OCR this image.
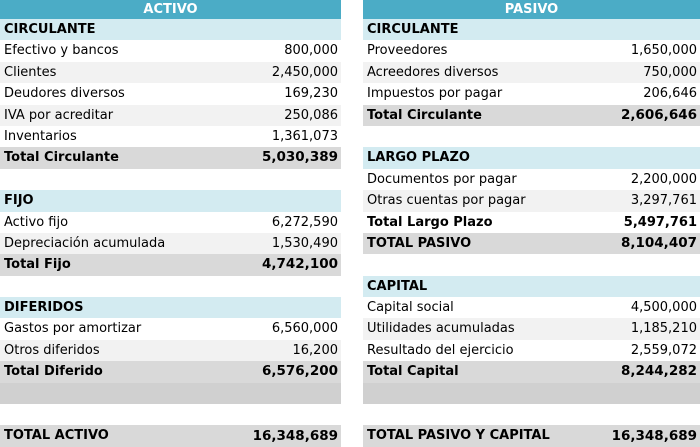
ACTIVO
CIRCULANTE
Efectivo y bancos	800,000
Clientes	2,450,000
Deudores diversos	169,230
IVA por acreditar	250,086
Inventarios	1,361,073
Total Circulante	5,030,389
FIJO
Activo fijo	6,272,590
Depreciación acumulada	1,530,490
Total Fijo	4,742,100
DIFERIDOS
Gastos por amortizar	6,560,000
Otros diferidos	16,200
Total Diferido	6,576,200
TOTAL ACTIVO	16,348,689
PASIVO
CIRCULANTE
Proveedores	1,650,000
Acreedores diversos	750,000
Impuestos por pagar	206,646
Total Circulante	2,606,646
LARGO PLAZO
Documentos por pagar	2,200,000
Otras cuentas por pagar	3,297,761
Total Largo Plazo	5,497,761
TOTAL PASIVO	8,104,407
CAPITAL
Capital social	4,500,000
Utilidades acumuladas	1,185,210
Resultado del ejercicio	2,559,072
Total Capital	8,244,282
TOTAL PASIVO Y CAPITAL	16,348,689
